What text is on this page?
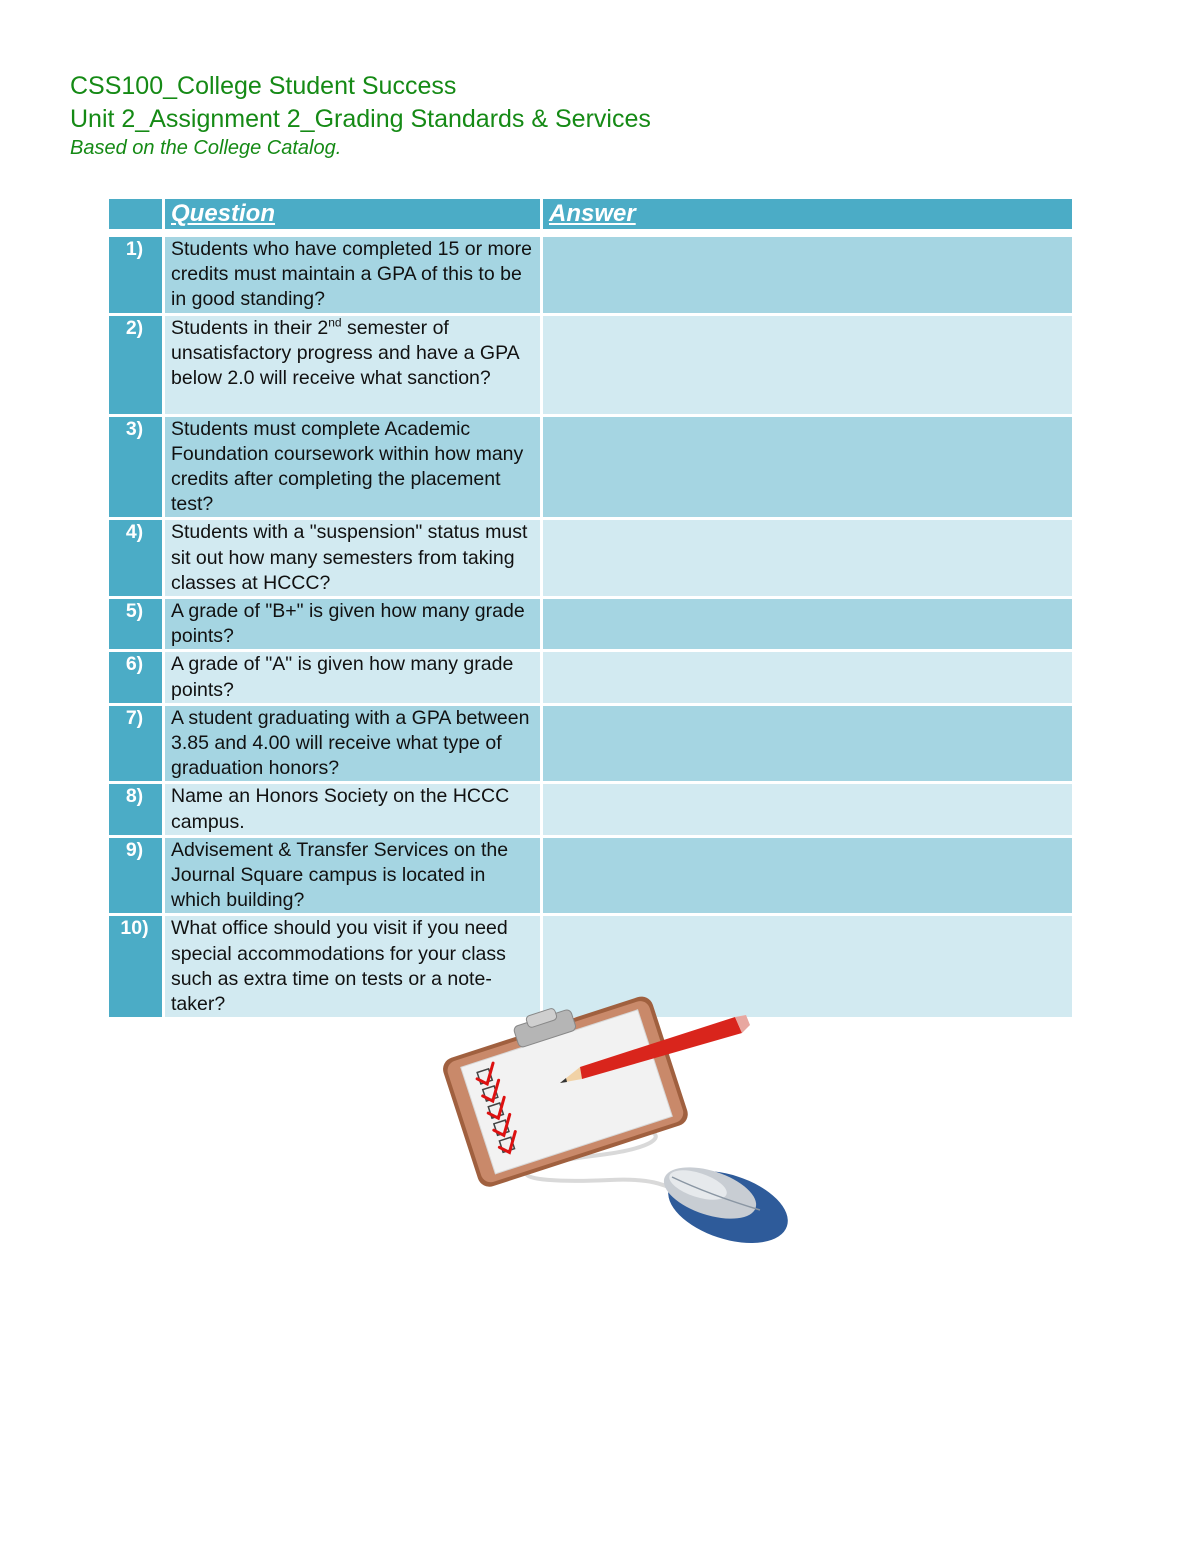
CSS100_College Student Success

Unit 2_Assignment 2_Grading Standards & Services

Based on the College Catalog.

	Question	Answer

1)	Students who have completed 15 or more credits must maintain a GPA of this to be in good standing?	
2)	Students in their 2nd semester of unsatisfactory progress and have a GPA below 2.0 will receive what sanction?	
3)	Students must complete Academic Foundation coursework within how many credits after completing the placement test?	
4)	Students with a "suspension" status must sit out how many semesters from taking classes at HCCC?	
5)	A grade of "B+" is given how many grade points?	
6)	A grade of "A" is given how many grade points?	
7)	A student graduating with a GPA between 3.85 and 4.00 will receive what type of graduation honors?	
8)	Name an Honors Society on the HCCC campus.	
9)	Advisement & Transfer Services on the Journal Square campus is located in which building?	
10)	What office should you visit if you need special accommodations for your class such as extra time on tests or a note-taker?	
